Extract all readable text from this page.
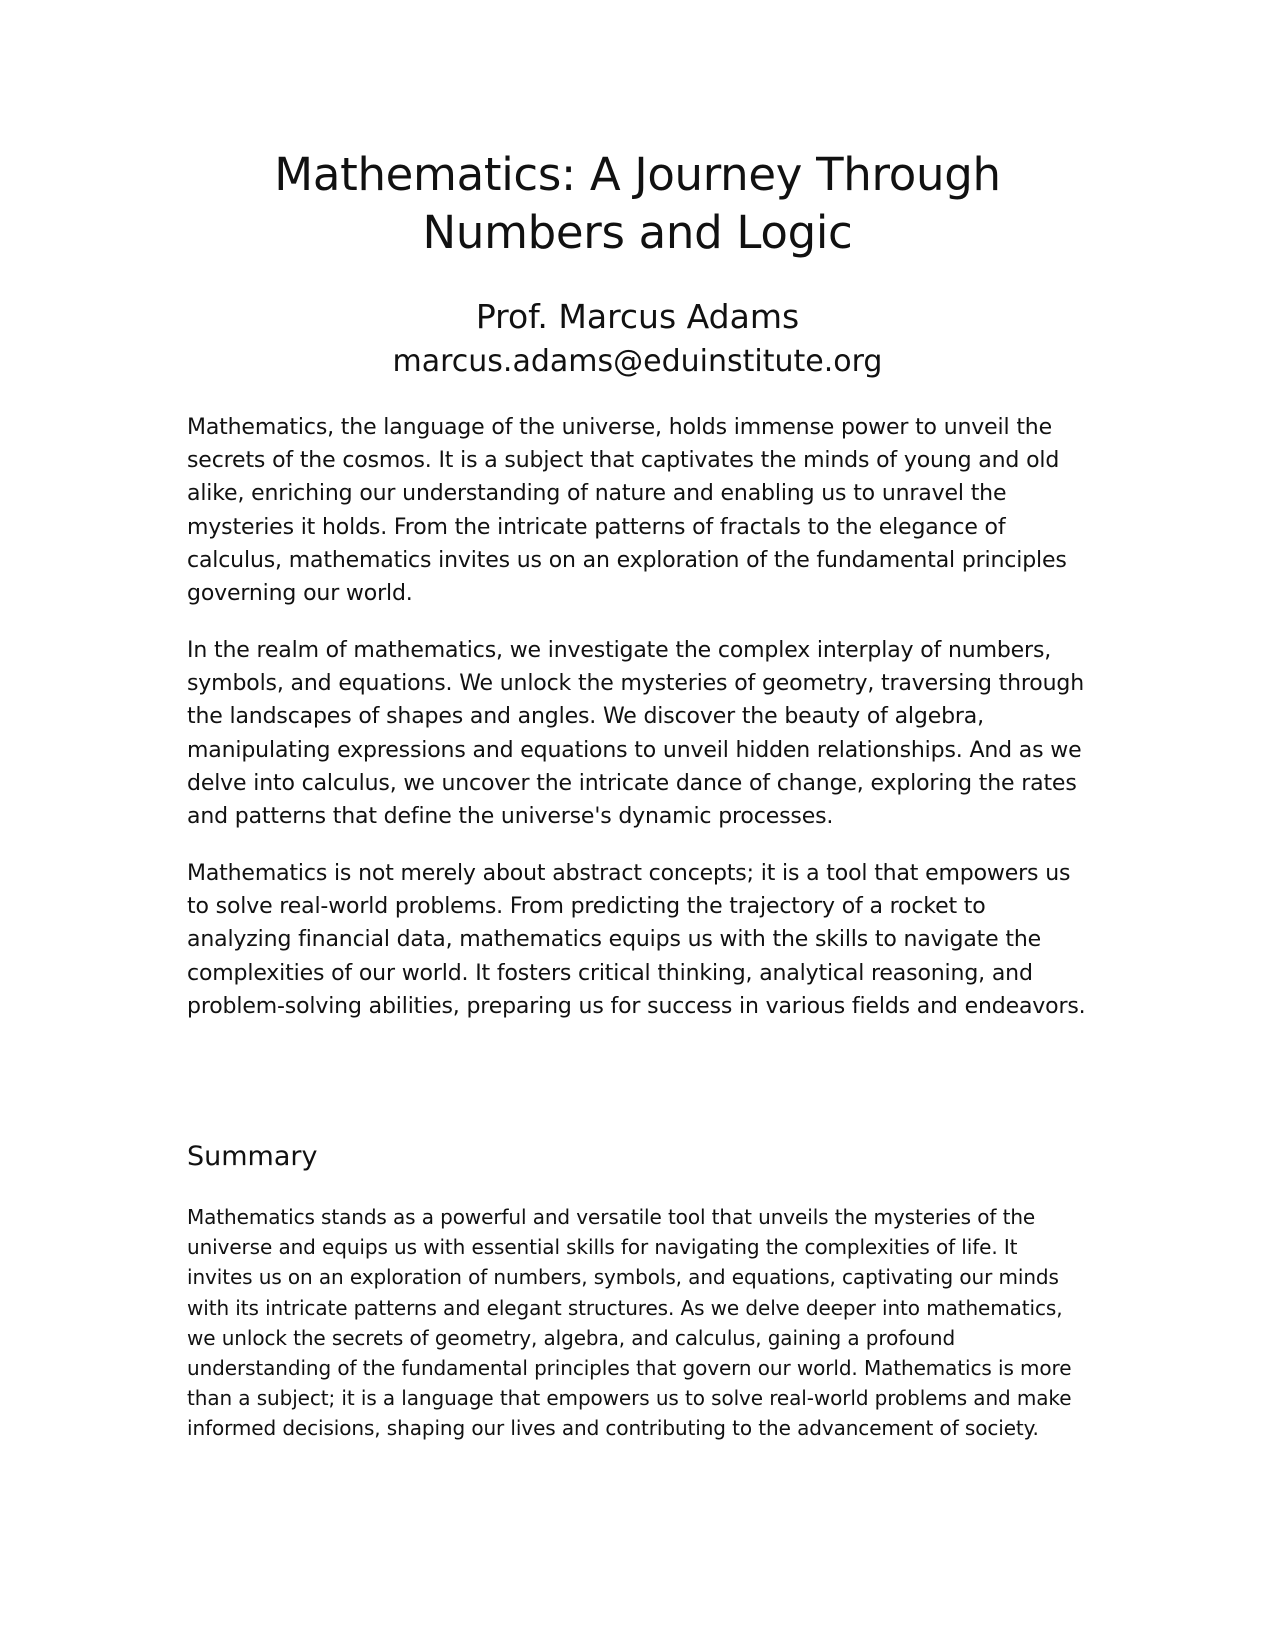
Mathematics: A Journey Through Numbers and Logic
Prof. Marcus Adams
marcus.adams@eduinstitute.org

Mathematics, the language of the universe, holds immense power to unveil the secrets of the cosmos. It is a subject that captivates the minds of young and old alike, enriching our understanding of nature and enabling us to unravel the mysteries it holds. From the intricate patterns of fractals to the elegance of calculus, mathematics invites us on an exploration of the fundamental principles governing our world.

In the realm of mathematics, we investigate the complex interplay of numbers, symbols, and equations. We unlock the mysteries of geometry, traversing through the landscapes of shapes and angles. We discover the beauty of algebra, manipulating expressions and equations to unveil hidden relationships. And as we delve into calculus, we uncover the intricate dance of change, exploring the rates and patterns that define the universe's dynamic processes.

Mathematics is not merely about abstract concepts; it is a tool that empowers us to solve real-world problems. From predicting the trajectory of a rocket to analyzing financial data, mathematics equips us with the skills to navigate the complexities of our world. It fosters critical thinking, analytical reasoning, and problem-solving abilities, preparing us for success in various fields and endeavors.

Summary

Mathematics stands as a powerful and versatile tool that unveils the mysteries of the universe and equips us with essential skills for navigating the complexities of life. It invites us on an exploration of numbers, symbols, and equations, captivating our minds with its intricate patterns and elegant structures. As we delve deeper into mathematics, we unlock the secrets of geometry, algebra, and calculus, gaining a profound understanding of the fundamental principles that govern our world. Mathematics is more than a subject; it is a language that empowers us to solve real-world problems and make informed decisions, shaping our lives and contributing to the advancement of society.
